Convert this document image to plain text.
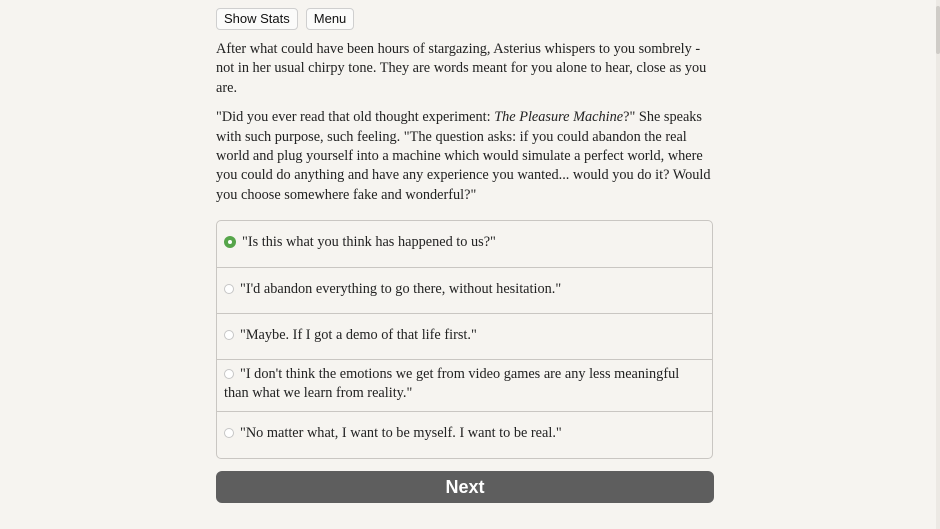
Show Stats	Menu

After what could have been hours of stargazing, Asterius whispers to you sombrely - not in her usual chirpy tone. They are words meant for you alone to hear, close as you are.

"Did you ever read that old thought experiment: The Pleasure Machine?" She speaks with such purpose, such feeling. "The question asks: if you could abandon the real world and plug yourself into a machine which would simulate a perfect world, where you could do anything and have any experience you wanted... would you do it? Would you choose somewhere fake and wonderful?"

"Is this what you think has happened to us?"
"I'd abandon everything to go there, without hesitation."
"Maybe. If I got a demo of that life first."
"I don't think the emotions we get from video games are any less meaningful than what we learn from reality."
"No matter what, I want to be myself. I want to be real."
Next
